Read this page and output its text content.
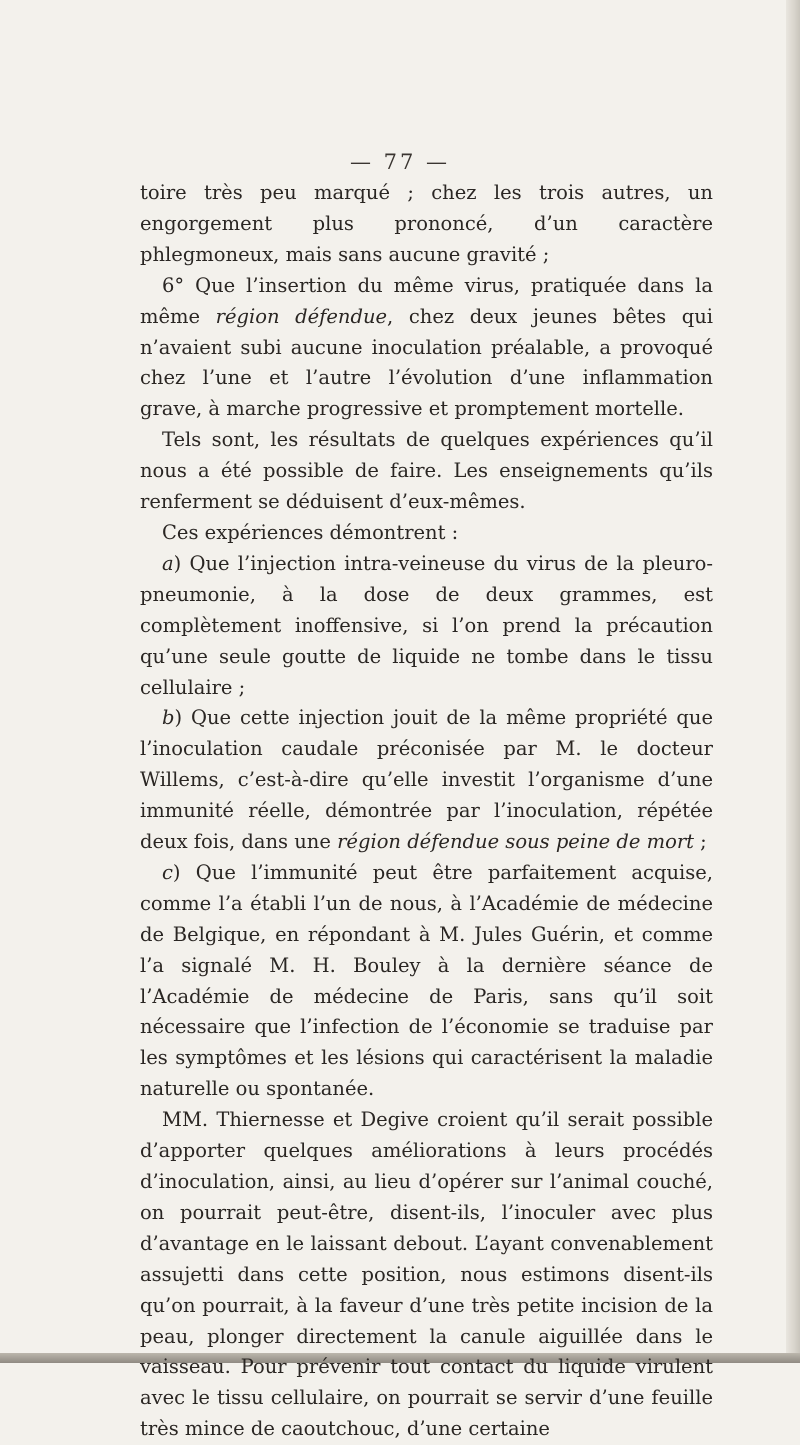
— 77 —

toire très peu marqué ; chez les trois autres, un engorgement plus prononcé, d’un caractère phlegmoneux, mais sans aucune gravité ;

6° Que l’insertion du même virus, pratiquée dans la même région défendue, chez deux jeunes bêtes qui n’avaient subi aucune inoculation préalable, a provoqué chez l’une et l’autre l’évolution d’une inflammation grave, à marche progressive et promptement mortelle.

Tels sont, les résultats de quelques expériences qu’il nous a été possible de faire. Les enseignements qu’ils renferment se déduisent d’eux-mêmes.

Ces expériences démontrent :

a) Que l’injection intra-veineuse du virus de la pleuro-pneumonie, à la dose de deux grammes, est complètement inoffensive, si l’on prend la précaution qu’une seule goutte de liquide ne tombe dans le tissu cellulaire ;

b) Que cette injection jouit de la même propriété que l’inoculation caudale préconisée par M. le docteur Willems, c’est-à-dire qu’elle investit l’organisme d’une immunité réelle, démontrée par l’inoculation, répétée deux fois, dans une région défendue sous peine de mort ;

c) Que l’immunité peut être parfaitement acquise, comme l’a établi l’un de nous, à l’Académie de médecine de Belgique, en répondant à M. Jules Guérin, et comme l’a signalé M. H. Bouley à la dernière séance de l’Académie de médecine de Paris, sans qu’il soit nécessaire que l’infection de l’économie se traduise par les symptômes et les lésions qui caractérisent la maladie naturelle ou spontanée.

MM. Thiernesse et Degive croient qu’il serait possible d’apporter quelques améliorations à leurs procédés d’inoculation, ainsi, au lieu d’opérer sur l’animal couché, on pourrait peut-être, disent-ils, l’inoculer avec plus d’avantage en le laissant debout. L’ayant convenablement assujetti dans cette position, nous estimons disent-ils qu’on pourrait, à la faveur d’une très petite incision de la peau, plonger directement la canule aiguillée dans le vaisseau. Pour prévenir tout contact du liquide virulent avec le tissu cellulaire, on pourrait se servir d’une feuille très mince de caoutchouc, d’une certaine
